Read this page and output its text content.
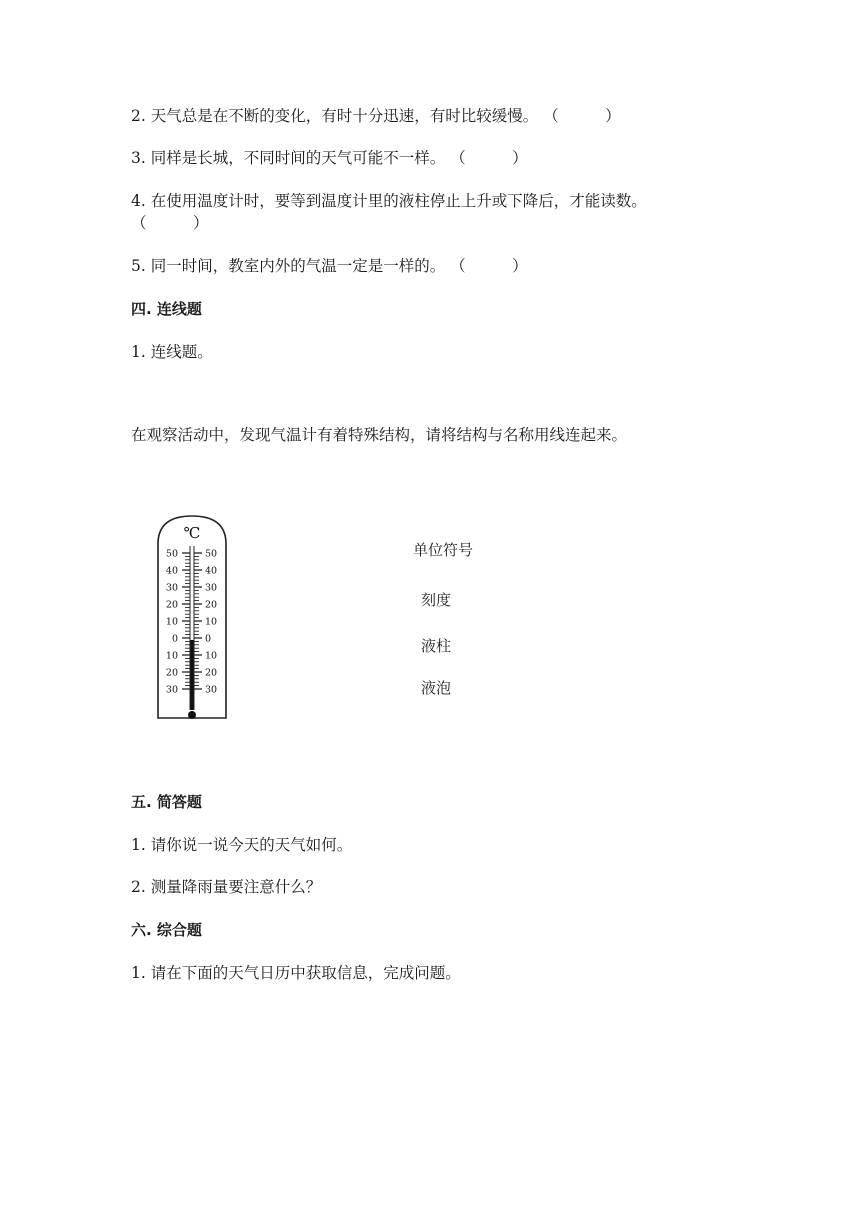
2. 天气总是在不断的变化，有时十分迅速，有时比较缓慢。 （　　　）
3. 同样是长城，不同时间的天气可能不一样。 （　　　）
4. 在使用温度计时，要等到温度计里的液柱停止上升或下降后，才能读数。
（　　　）
5. 同一时间，教室内外的气温一定是一样的。 （　　　）
四. 连线题
1. 连线题。
在观察活动中，发现气温计有着特殊结构，请将结构与名称用线连起来。
℃
50
40
30
20
10
0
10
20
30
50
40
30
20
10
0
10
20
30
单位符号
刻度
液柱
液泡
五. 简答题
1. 请你说一说今天的天气如何。
2. 测量降雨量要注意什么？
六. 综合题
1. 请在下面的天气日历中获取信息，完成问题。
